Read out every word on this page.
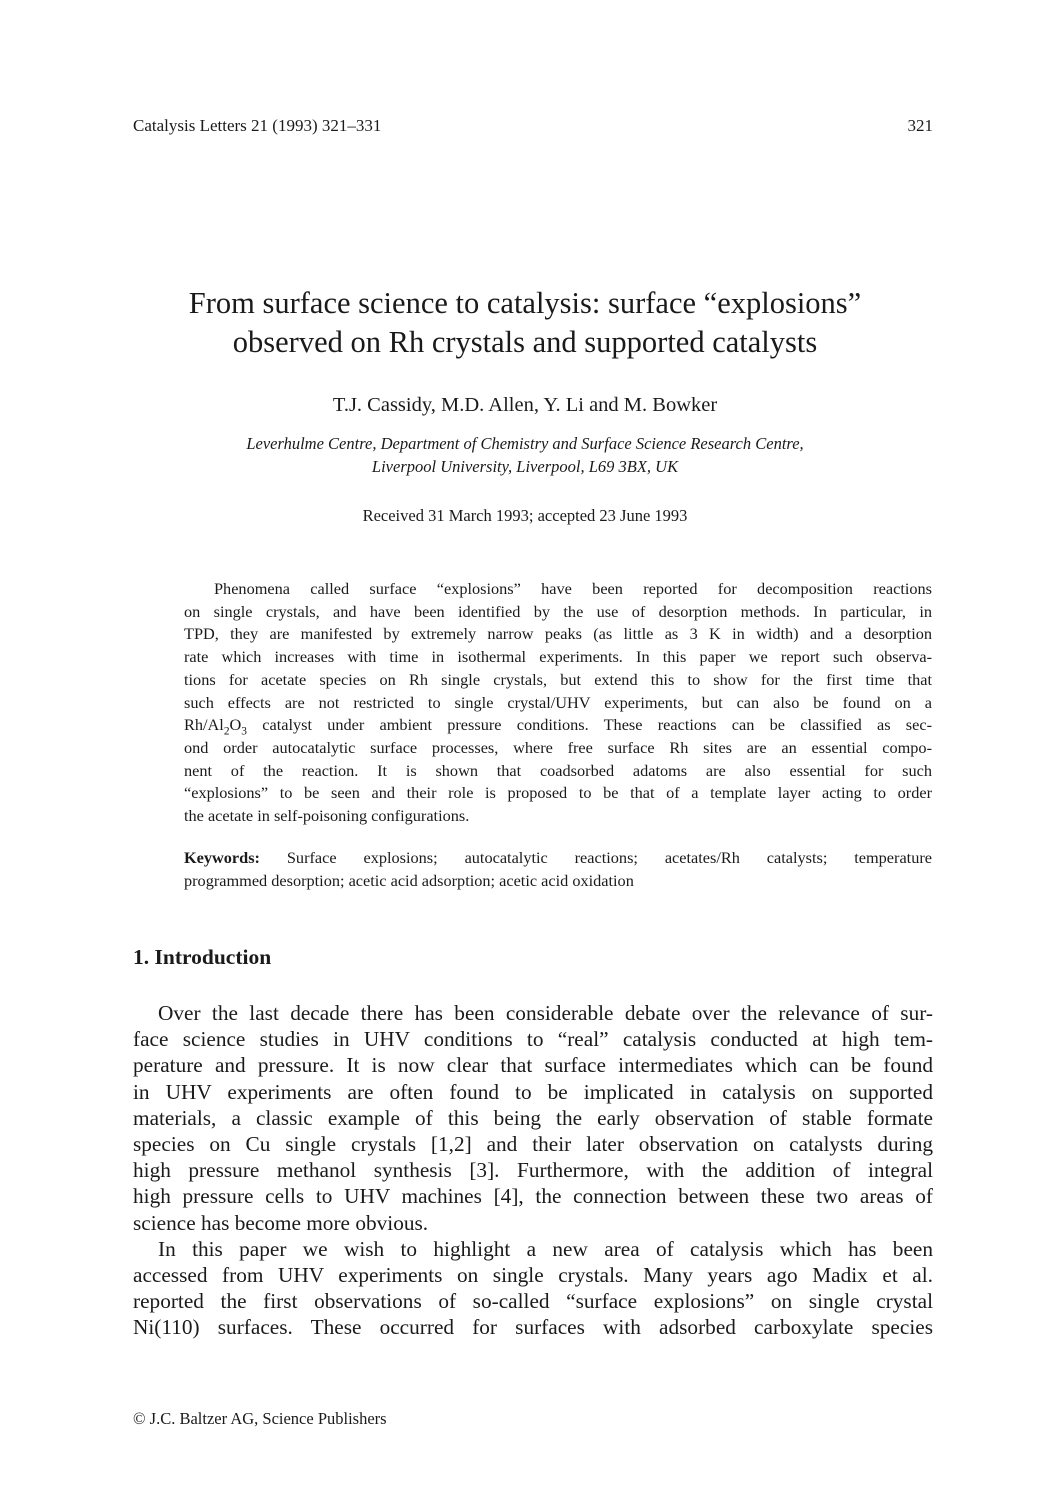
Catalysis Letters 21 (1993) 321–331	321
From surface science to catalysis: surface “explosions”
observed on Rh crystals and supported catalysts
T.J. Cassidy, M.D. Allen, Y. Li and M. Bowker
Leverhulme Centre, Department of Chemistry and Surface Science Research Centre,
Liverpool University, Liverpool, L69 3BX, UK
Received 31 March 1993; accepted 23 June 1993
Phenomena called surface “explosions” have been reported for decomposition reactions
on single crystals, and have been identified by the use of desorption methods. In particular, in
TPD, they are manifested by extremely narrow peaks (as little as 3 K in width) and a desorption
rate which increases with time in isothermal experiments. In this paper we report such observa-
tions for acetate species on Rh single crystals, but extend this to show for the first time that
such effects are not restricted to single crystal/UHV experiments, but can also be found on a
$Rh/Al_2O_3$ catalyst under ambient pressure conditions. These reactions can be classified as sec-
ond order autocatalytic surface processes, where free surface Rh sites are an essential compo-
nent of the reaction. It is shown that coadsorbed adatoms are also essential for such
“explosions” to be seen and their role is proposed to be that of a template layer acting to order
the acetate in self-poisoning configurations.
Keywords: Surface explosions; autocatalytic reactions; acetates/Rh catalysts; temperature
programmed desorption; acetic acid adsorption; acetic acid oxidation
1. Introduction
Over the last decade there has been considerable debate over the relevance of sur-
face science studies in UHV conditions to “real” catalysis conducted at high tem-
perature and pressure. It is now clear that surface intermediates which can be found
in UHV experiments are often found to be implicated in catalysis on supported
materials, a classic example of this being the early observation of stable formate
species on Cu single crystals [1,2] and their later observation on catalysts during
high pressure methanol synthesis [3]. Furthermore, with the addition of integral
high pressure cells to UHV machines [4], the connection between these two areas of
science has become more obvious.
In this paper we wish to highlight a new area of catalysis which has been
accessed from UHV experiments on single crystals. Many years ago Madix et al.
reported the first observations of so-called “surface explosions” on single crystal
Ni(110) surfaces. These occurred for surfaces with adsorbed carboxylate species
© J.C. Baltzer AG, Science Publishers
